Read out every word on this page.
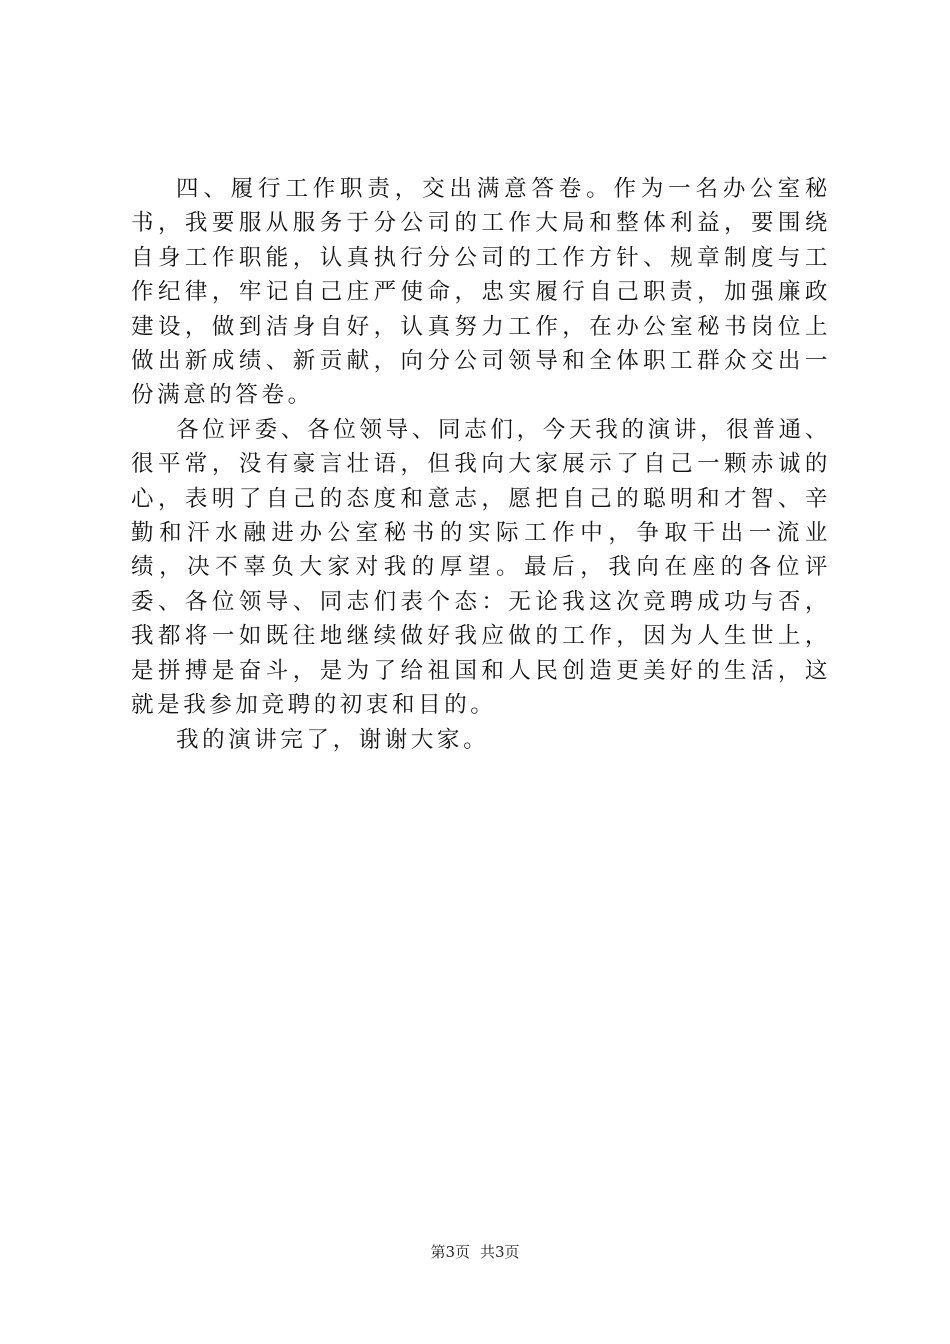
四、履行工作职责，交出满意答卷。作为一名办公室秘书，我要服从服务于分公司的工作大局和整体利益，要围绕自身工作职能，认真执行分公司的工作方针、规章制度与工作纪律，牢记自己庄严使命，忠实履行自己职责，加强廉政建设，做到洁身自好，认真努力工作，在办公室秘书岗位上做出新成绩、新贡献，向分公司领导和全体职工群众交出一份满意的答卷。

各位评委、各位领导、同志们，今天我的演讲，很普通、很平常，没有豪言壮语，但我向大家展示了自己一颗赤诚的心，表明了自己的态度和意志，愿把自己的聪明和才智、辛勤和汗水融进办公室秘书的实际工作中，争取干出一流业绩，决不辜负大家对我的厚望。最后，我向在座的各位评委、各位领导、同志们表个态：无论我这次竞聘成功与否，我都将一如既往地继续做好我应做的工作，因为人生世上，是拼搏是奋斗，是为了给祖国和人民创造更美好的生活，这就是我参加竞聘的初衷和目的。

我的演讲完了，谢谢大家。

第3页 共3页
